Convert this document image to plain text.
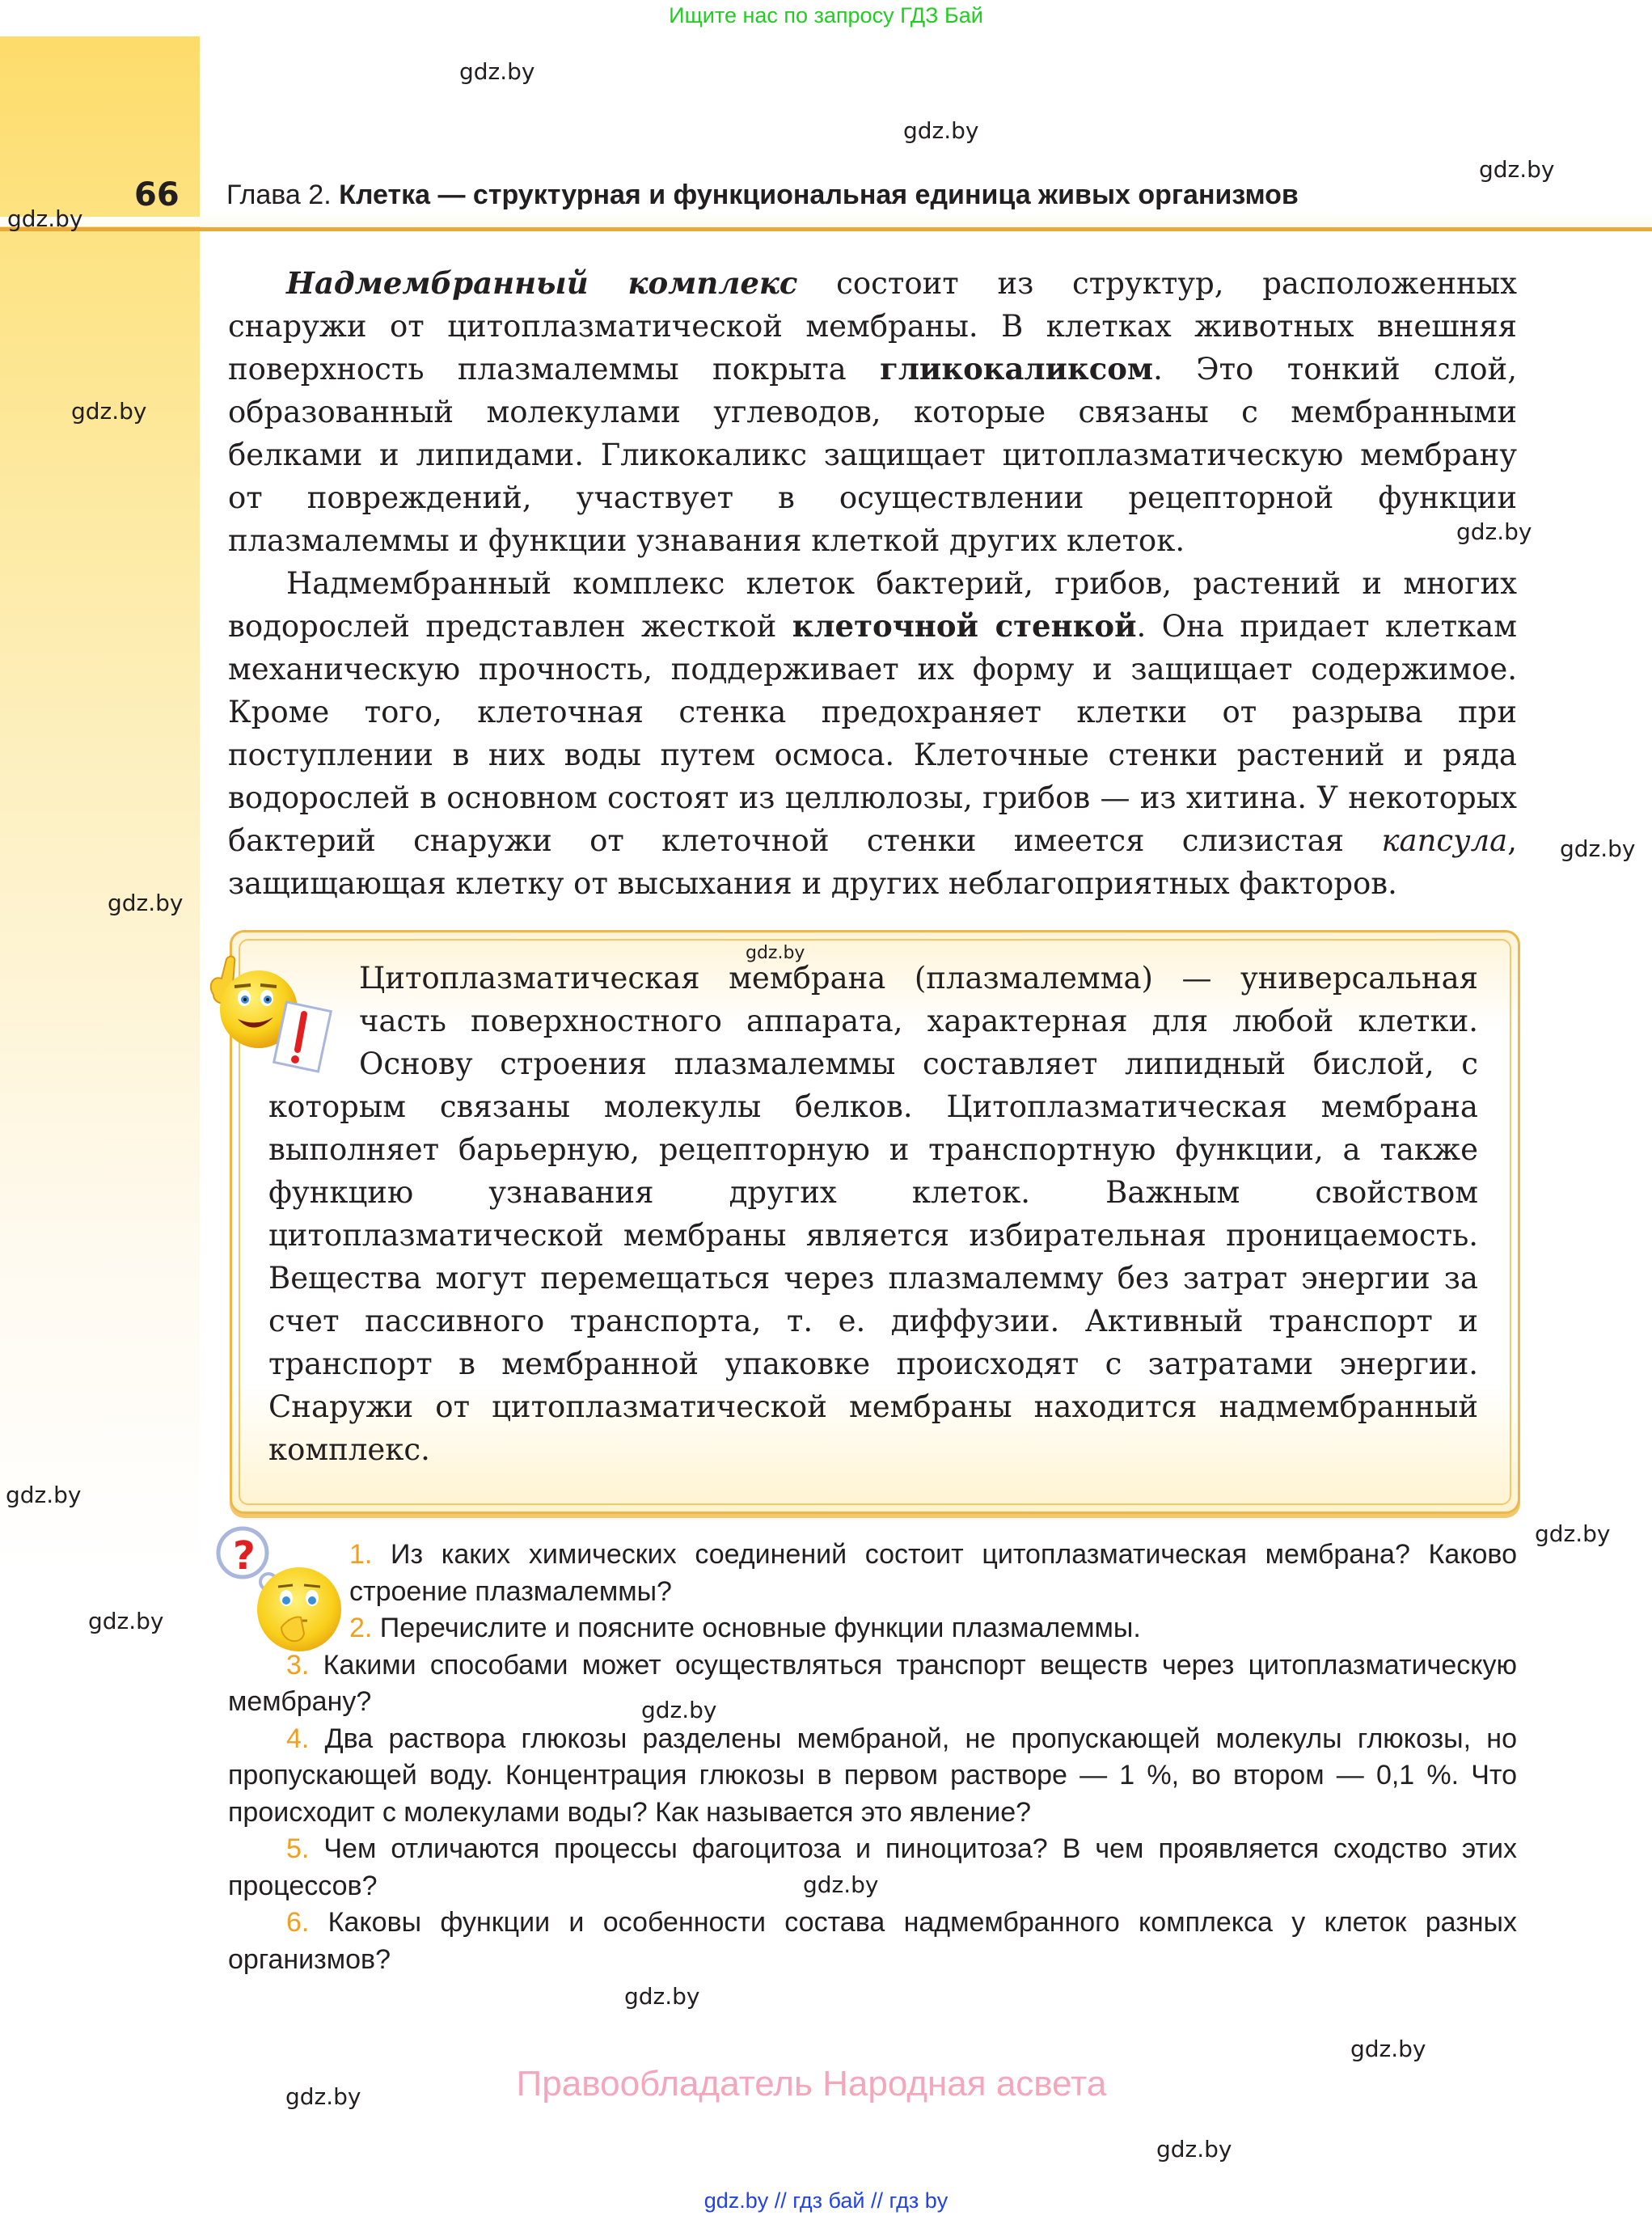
Ищите нас по запросу ГДЗ Бай
66 Глава 2. Клетка — структурная и функциональная единица живых организмов
gdz.by
gdz.by
gdz.by
gdz.by
gdz.by
gdz.by
gdz.by
gdz.by
gdz.by
gdz.by
gdz.by
gdz.by
gdz.by
gdz.by
gdz.by
gdz.by
gdz.by

Надмембранный комплекс состоит из структур, расположенных снаружи от цитоплазматической мембраны. В клетках животных внешняя поверхность плазмалеммы покрыта гликокаликсом. Это тонкий слой, образованный молекулами углеводов, которые связаны с мембранными белками и липидами. Гликокаликс защищает цитоплазматическую мембрану от повреждений, участвует в осуществлении рецепторной функции плазмалеммы и функции узнавания клеткой других клеток.

Надмембранный комплекс клеток бактерий, грибов, растений и многих водорослей представлен жесткой клеточной стенкой. Она придает клеткам механическую прочность, поддерживает их форму и защищает содержимое. Кроме того, клеточная стенка предохраняет клетки от разрыва при поступлении в них воды путем осмоса. Клеточные стенки растений и ряда водорослей в основном состоят из целлюлозы, грибов — из хитина. У некоторых бактерий снаружи от клеточной стенки имеется слизистая капсула, защищающая клетку от высыхания и других неблагоприятных факторов.

gdz.by
Цитоплазматическая мембрана (плазмалемма) — универсальная часть поверхностного аппарата, характерная для любой клетки. Основу строения плазмалеммы составляет липидный бислой, с которым связаны молекулы белков. Цитоплазматическая мембрана выполняет барьерную, рецепторную и транспортную функции, а также функцию узнавания других клеток. Важным свойством цитоплазматической мембраны является избирательная проницаемость. Вещества могут перемещаться через плазмалемму без затрат энергии за счет пассивного транспорта, т. е. диффузии. Активный транспорт и транспорт в мембранной упаковке происходят с затратами энергии. Снаружи от цитоплазматической мембраны находится надмембранный комплекс.
?	1. Из каких химических соединений состоит цитоплазматическая мембрана? Каково строение плазмалеммы?

2. Перечислите и поясните основные функции плазмалеммы.

3. Какими способами может осуществляться транспорт веществ через цитоплазматическую мембрану?

4. Два раствора глюкозы разделены мембраной, не пропускающей молекулы глюкозы, но пропускающей воду. Концентрация глюкозы в первом растворе — 1 %, во втором — 0,1 %. Что происходит с молекулами воды? Как называется это явление?

5. Чем отличаются процессы фагоцитоза и пиноцитоза? В чем проявляется сходство этих процессов?

6. Каковы функции и особенности состава надмембранного комплекса у клеток разных организмов?

Правообладатель Народная асвета
gdz.by // гдз бай // гдз by
